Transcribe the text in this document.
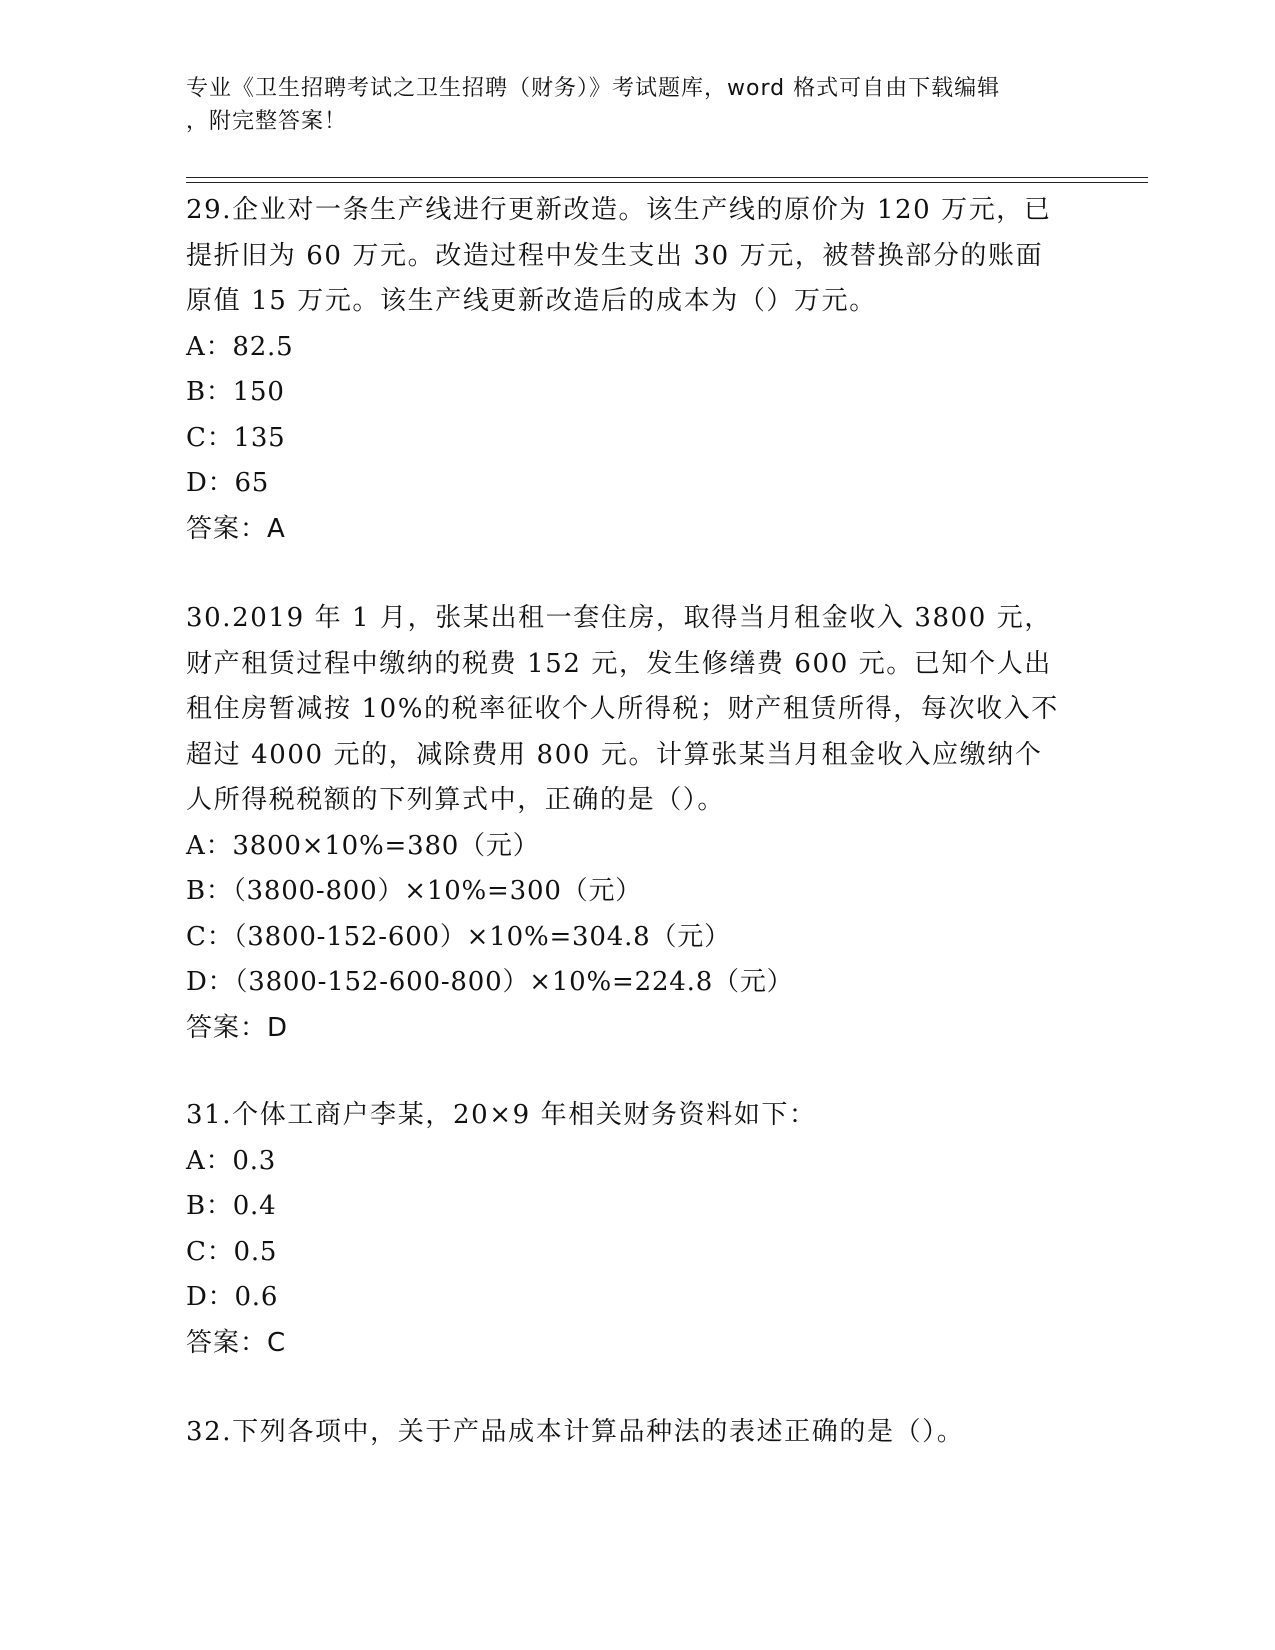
专业《卫生招聘考试之卫生招聘（财务）》考试题库，word 格式可自由下载编辑
，附完整答案！

29.企业对一条生产线进行更新改造。该生产线的原价为 120 万元，已提折旧为 60 万元。改造过程中发生支出 30 万元，被替换部分的账面原值 15 万元。该生产线更新改造后的成本为（）万元。

A：82.5

B：150

C：135

D：65

答案：A

30.2019 年 1 月，张某出租一套住房，取得当月租金收入 3800 元，财产租赁过程中缴纳的税费 152 元，发生修缮费 600 元。已知个人出租住房暂减按 10%的税率征收个人所得税；财产租赁所得，每次收入不超过 4000 元的，减除费用 800 元。计算张某当月租金收入应缴纳个人所得税税额的下列算式中，正确的是（）。

A：3800×10%=380（元）

B：（3800-800）×10%=300（元）

C：（3800-152-600）×10%=304.8（元）

D：（3800-152-600-800）×10%=224.8（元）

答案：D

31.个体工商户李某，20×9 年相关财务资料如下：

A：0.3

B：0.4

C：0.5

D：0.6

答案：C

32.下列各项中，关于产品成本计算品种法的表述正确的是（）。
